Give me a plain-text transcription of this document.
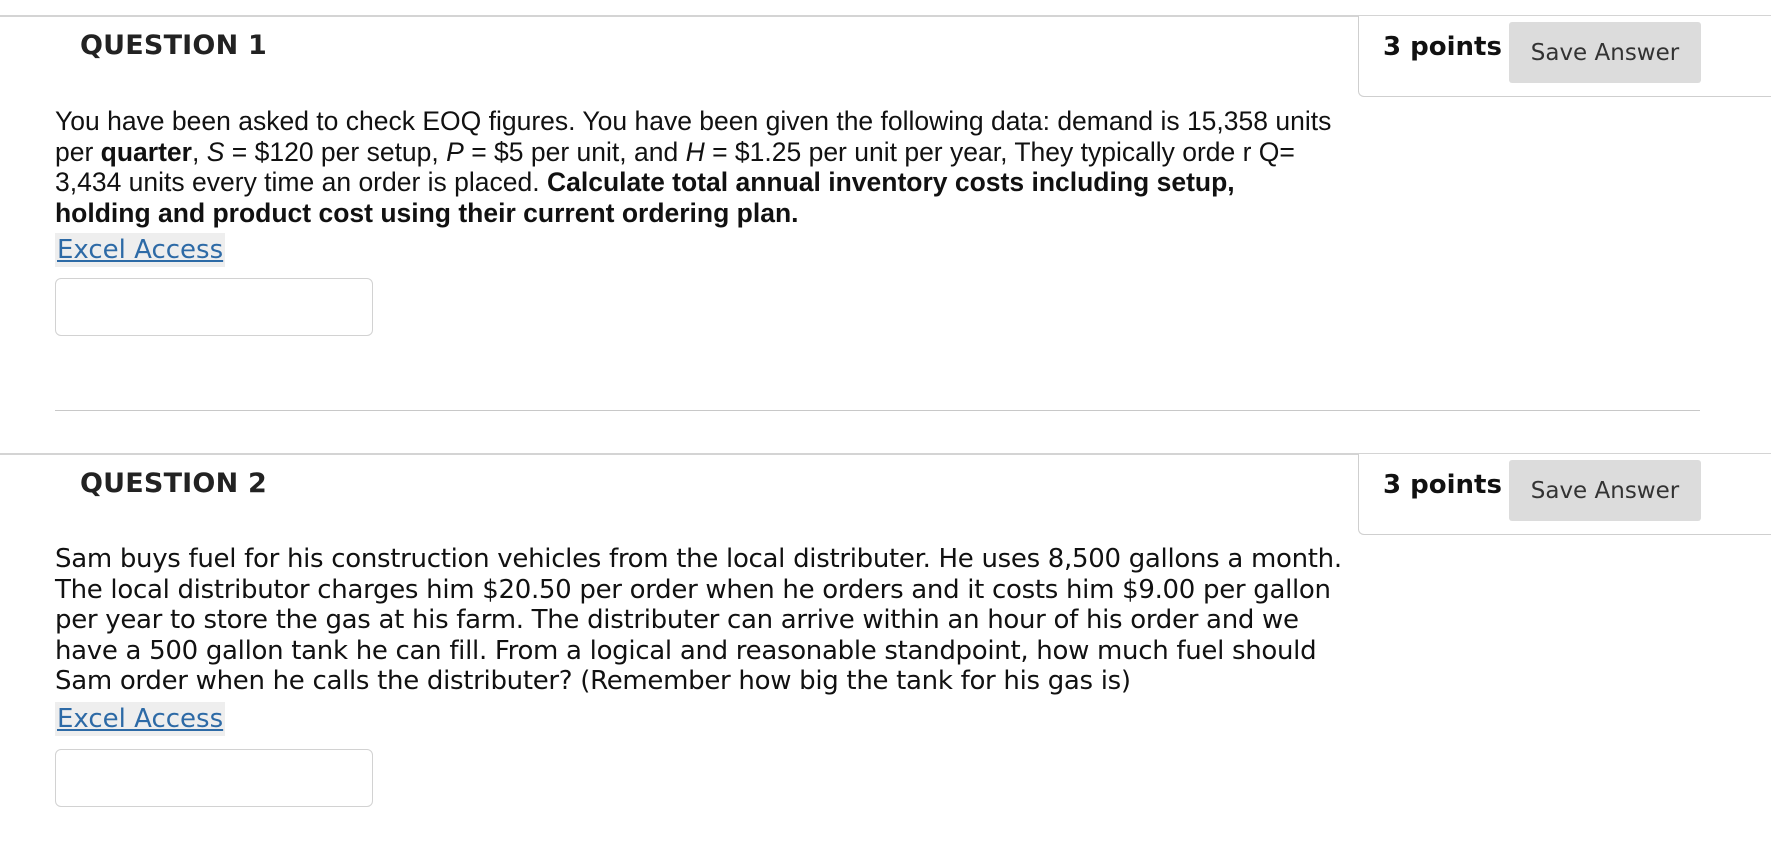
QUESTION 1	3 points	Save Answer
You have been asked to check EOQ figures. You have been given the following data: demand is 15,358 units per quarter, S = $120 per setup, P = $5 per unit, and H = $1.25 per unit per year, They typically orde r Q= 3,434 units every time an order is placed. Calculate total annual inventory costs including setup, holding and product cost using their current ordering plan.
Excel Access
QUESTION 2	3 points	Save Answer
Sam buys fuel for his construction vehicles from the local distributer. He uses 8,500 gallons a month. The local distributor charges him $20.50 per order when he orders and it costs him $9.00 per gallon per year to store the gas at his farm. The distributer can arrive within an hour of his order and we have a 500 gallon tank he can fill. From a logical and reasonable standpoint, how much fuel should Sam order when he calls the distributer? (Remember how big the tank for his gas is)
Excel Access
